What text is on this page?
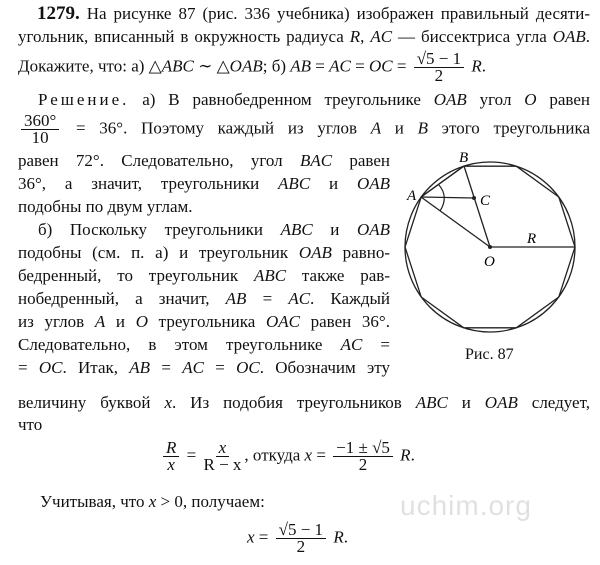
uchim.org
1279. На рисунке 87 (рис. 336 учебника) изображен правильный десяти-
угольник, вписанный в окружность радиуса R, AC — биссектриса угла OAB.
Докажите, что: а) △ABC ∼ △OAB; б) AB = AC = OC = $\frac{√5 - 1}{2} R$.
Решение. а) В равнобедренном треугольнике OAB угол O равен
$\frac{360^\circ}{10} = 36^\circ$. Поэтому каждый из углов A и B этого треугольника
равен 72°. Следовательно, угол BAC равен
36°, а значит, треугольники ABC и OAB
подобны по двум углам.
б) Поскольку треугольники ABC и OAB
подобны (см. п. а) и треугольник OAB равно-
бедренный, то треугольник ABC также рав-
нобедренный, а значит, AB = AC. Каждый
из углов A и O треугольника OAC равен 36°.
Следовательно, в этом треугольнике AC =
= OC. Итак, AB = AC = OC. Обозначим эту
величину буквой x. Из подобия треугольников ABC и OAB следует,
что
$\frac{R}{x} = \frac{x}{R - x}$ , откуда $x = \frac{-1 \pm √5}{2} R$.
Учитывая, что x > 0, получаем:
$x = \frac{√5 - 1}{2} R$.
B
A	C
O
R
Рис. 87
